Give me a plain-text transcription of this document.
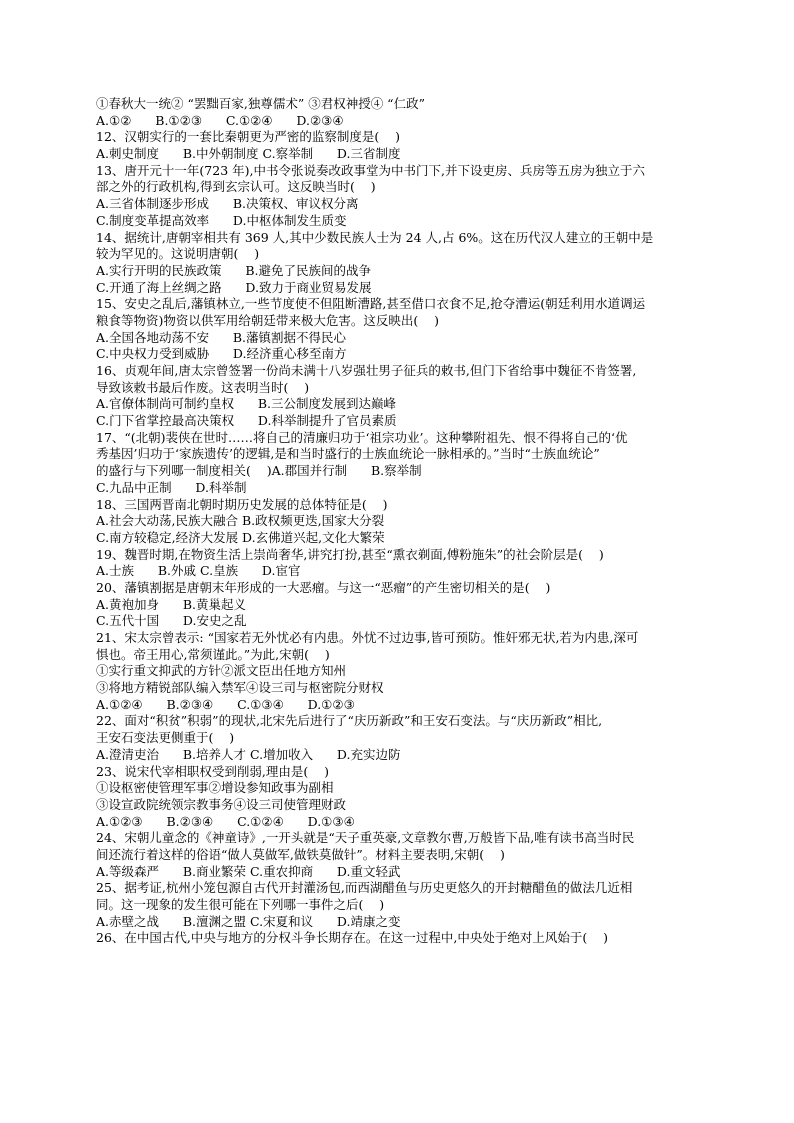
①春秋大一统② “罢黜百家,独尊儒术” ③君权神授④ “仁政”
A.①②      B.①②③      C.①②④      D.②③④
12、汉朝实行的一套比秦朝更为严密的监察制度是(    )
A.刺史制度      B.中外朝制度 C.察举制      D.三省制度
13、唐开元十一年(723 年),中书令张说奏改政事堂为中书门下,并下设吏房、兵房等五房为独立于六
部之外的行政机构,得到玄宗认可。这反映当时(    )
A.三省体制逐步形成      B.决策权、审议权分离
C.制度变革提高效率      D.中枢体制发生质变
14、据统计,唐朝宰相共有 369 人,其中少数民族人士为 24 人,占 6%。这在历代汉人建立的王朝中是
较为罕见的。这说明唐朝(    )
A.实行开明的民族政策      B.避免了民族间的战争
C.开通了海上丝绸之路      D.致力于商业贸易发展
15、安史之乱后,藩镇林立,一些节度使不但阻断漕路,甚至借口衣食不足,抢夺漕运(朝廷利用水道调运
粮食等物资)物资以供军用给朝廷带来极大危害。这反映出(    )
A.全国各地动荡不安      B.藩镇割据不得民心
C.中央权力受到威胁      D.经济重心移至南方
16、贞观年间,唐太宗曾签署一份尚未满十八岁强壮男子征兵的敕书,但门下省给事中魏征不肯签署,
导致该敕书最后作废。这表明当时(    )
A.官僚体制尚可制约皇权      B.三公制度发展到达巅峰
C.门下省掌控最高决策权      D.科举制提升了官员素质
17、“(北朝)裴侠在世时……将自己的清廉归功于‘祖宗功业’。这种攀附祖先、恨不得将自己的‘优
秀基因’归功于‘家族遗传’的逻辑,是和当时盛行的士族血统论一脉相承的。”当时“士族血统论”
的盛行与下列哪一制度相关(    )A.郡国并行制      B.察举制
C.九品中正制      D.科举制
18、三国两晋南北朝时期历史发展的总体特征是(    )
A.社会大动荡,民族大融合 B.政权频更迭,国家大分裂
C.南方较稳定,经济大发展 D.玄佛道兴起,文化大繁荣
19、魏晋时期,在物资生活上崇尚奢华,讲究打扮,甚至“熏衣剃面,傅粉施朱”的社会阶层是(    )
A.士族      B.外戚 C.皇族      D.宦官
20、藩镇割据是唐朝末年形成的一大恶瘤。与这一“恶瘤”的产生密切相关的是(    )
A.黄袍加身      B.黄巢起义
C.五代十国      D.安史之乱
21、宋太宗曾表示: “国家若无外忧必有内患。外忧不过边事,皆可预防。惟奸邪无状,若为内患,深可
惧也。帝王用心,常须谨此。”为此,宋朝(    )
①实行重文抑武的方针②派文臣出任地方知州
③将地方精锐部队编入禁军④设三司与枢密院分财权
A.①②④      B.②③④      C.①③④      D.①②③
22、面对“积贫”积弱”的现状,北宋先后进行了“庆历新政”和王安石变法。与“庆历新政”相比,
王安石变法更侧重于(    )
A.澄清吏治      B.培养人才 C.增加收入      D.充实边防
23、说宋代宰相职权受到削弱,理由是(    )
①设枢密使管理军事②增设参知政事为副相
③设宣政院统领宗教事务④设三司使管理财政
A.①②③      B.②③④      C.①②④      D.①③④
24、宋朝儿童念的《神童诗》,一开头就是“天子重英豪,文章教尔曹,万般皆下品,唯有读书高当时民
间还流行着这样的俗语“做人莫做军,做铁莫做针”。材料主要表明,宋朝(    )
A.等级森严      B.商业繁荣 C.重农抑商      D.重文轻武
25、据考证,杭州小笼包源自古代开封灌汤包,而西湖醋鱼与历史更悠久的开封糖醋鱼的做法几近相
同。这一现象的发生很可能在下列哪一事件之后(    )
A.赤壁之战      B.澶渊之盟 C.宋夏和议      D.靖康之变
26、在中国古代,中央与地方的分权斗争长期存在。在这一过程中,中央处于绝对上风始于(    )
